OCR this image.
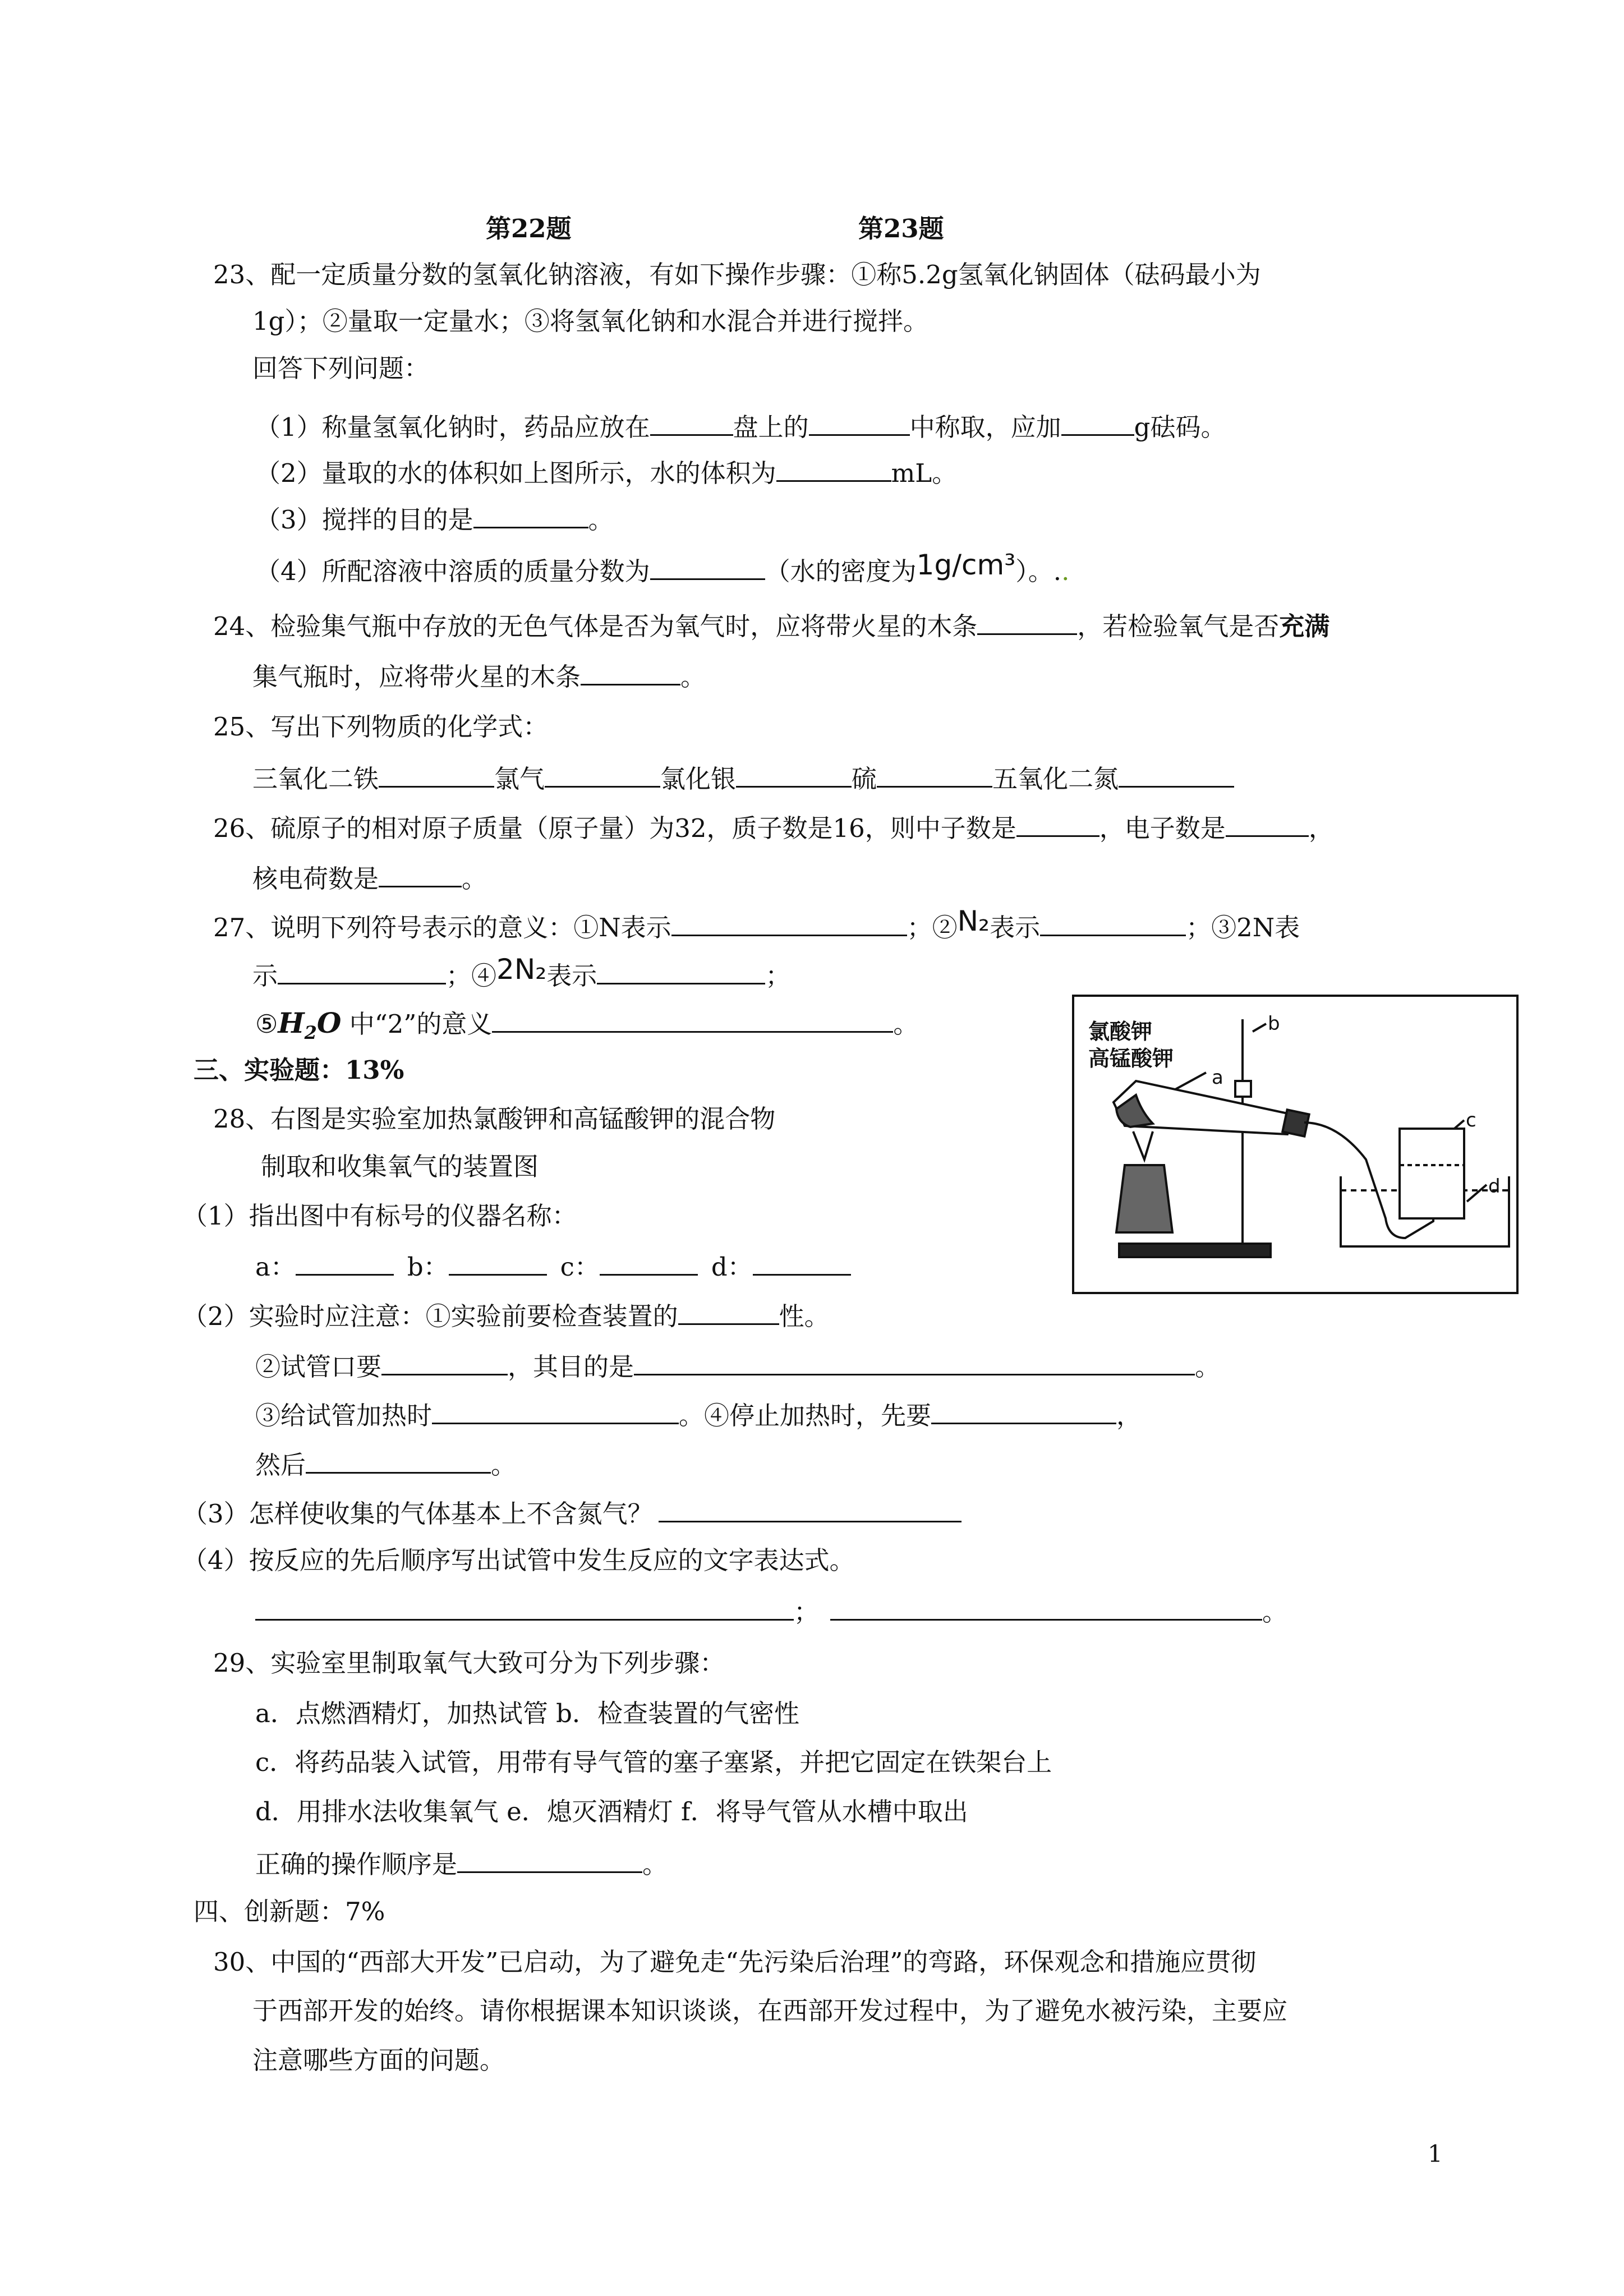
第22题	第23题
23、配一定质量分数的氢氧化钠溶液，有如下操作步骤：①称5.2g氢氧化钠固体（砝码最小为
1g）；②量取一定量水；③将氢氧化钠和水混合并进行搅拌。
回答下列问题：
（1）称量氢氧化钠时，药品应放在	盘上的	中称取，应加	g砝码。
（2）量取的水的体积如上图所示，水的体积为	mL。
（3）搅拌的目的是	。
（4）所配溶液中溶质的质量分数为	（水的密度为1g/cm³）。..
24、检验集气瓶中存放的无色气体是否为氧气时，应将带火星的木条	，若检验氧气是否充满
集气瓶时，应将带火星的木条	。
25、写出下列物质的化学式：
三氧化二铁	氯气	氯化银	硫	五氧化二氮
26、硫原子的相对原子质量（原子量）为32，质子数是16，则中子数是	，电子数是	，
核电荷数是	。
27、说明下列符号表示的意义：①N表示	；②N₂表示	；③2N表
示	；④2N₂表示	；
$⑤H_2O$ 中“2”的意义	。
三、实验题：13%
28、右图是实验室加热氯酸钾和高锰酸钾的混合物
制取和收集氧气的装置图
（1）指出图中有标号的仪器名称：
a：	b：	c：	d：
（2）实验时应注意：①实验前要检查装置的	性。
②试管口要	，其目的是	。
③给试管加热时	。④停止加热时，先要	，
然后	。
（3）怎样使收集的气体基本上不含氮气？
（4）按反应的先后顺序写出试管中发生反应的文字表达式。
；	。
氯酸钾
高锰酸钾
b
a
c
d
29、实验室里制取氧气大致可分为下列步骤：
a．点燃酒精灯，加热试管 b．检查装置的气密性
c．将药品装入试管，用带有导气管的塞子塞紧，并把它固定在铁架台上
d．用排水法收集氧气 e．熄灭酒精灯 f．将导气管从水槽中取出
正确的操作顺序是	。
四、创新题：7%
30、中国的“西部大开发”已启动，为了避免走“先污染后治理”的弯路，环保观念和措施应贯彻
于西部开发的始终。请你根据课本知识谈谈，在西部开发过程中，为了避免水被污染，主要应
注意哪些方面的问题。
1
